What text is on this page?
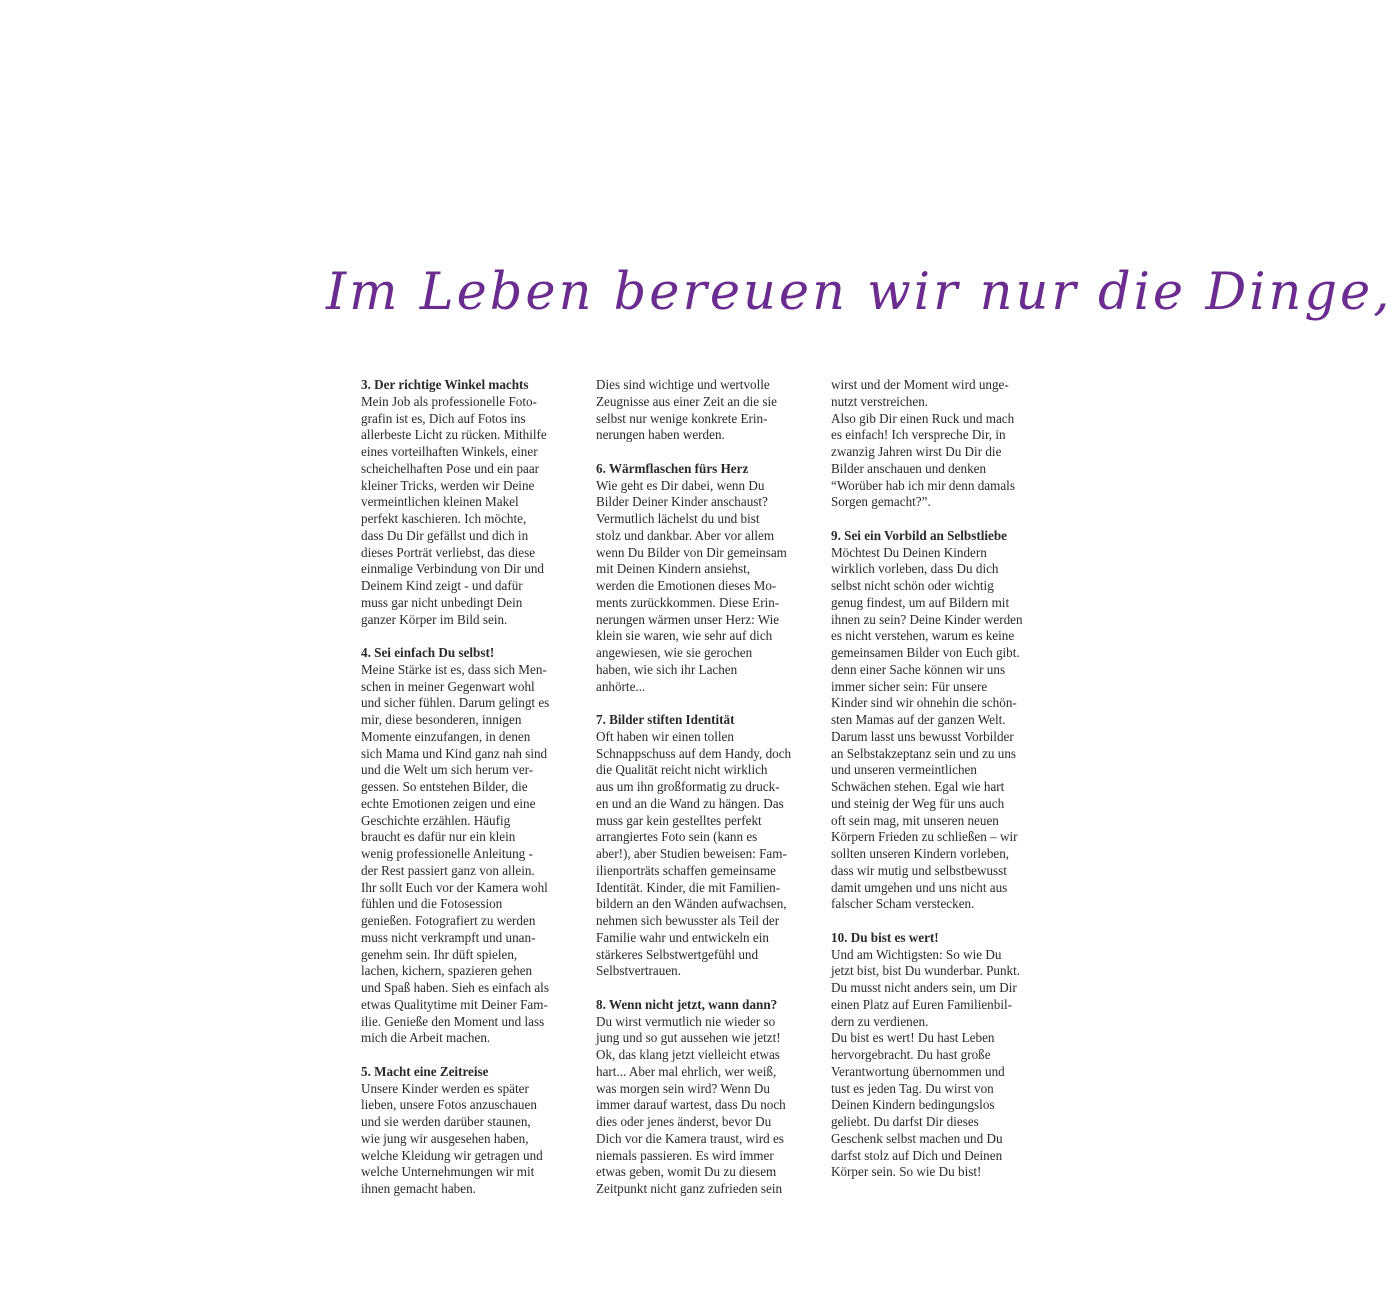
Im Leben bereuen wir nur die Dinge,
3. Der richtige Winkel machts

Mein Job als professionelle Foto-
grafin ist es, Dich auf Fotos ins
allerbeste Licht zu rücken. Mithilfe
eines vorteilhaften Winkels, einer
scheichelhaften Pose und ein paar
kleiner Tricks, werden wir Deine
vermeintlichen kleinen Makel
perfekt kaschieren. Ich möchte,
dass Du Dir gefällst und dich in
dieses Porträt verliebst, das diese
einmalige Verbindung von Dir und
Deinem Kind zeigt - und dafür
muss gar nicht unbedingt Dein
ganzer Körper im Bild sein.

4. Sei einfach Du selbst!

Meine Stärke ist es, dass sich Men-
schen in meiner Gegenwart wohl
und sicher fühlen. Darum gelingt es
mir, diese besonderen, innigen
Momente einzufangen, in denen
sich Mama und Kind ganz nah sind
und die Welt um sich herum ver-
gessen. So entstehen Bilder, die
echte Emotionen zeigen und eine
Geschichte erzählen. Häufig
braucht es dafür nur ein klein
wenig professionelle Anleitung -
der Rest passiert ganz von allein.
Ihr sollt Euch vor der Kamera wohl
fühlen und die Fotosession
genießen. Fotografiert zu werden
muss nicht verkrampft und unan-
genehm sein. Ihr düft spielen,
lachen, kichern, spazieren gehen
und Spaß haben. Sieh es einfach als
etwas Qualitytime mit Deiner Fam-
ilie. Genieße den Moment und lass
mich die Arbeit machen.

5. Macht eine Zeitreise

Unsere Kinder werden es später
lieben, unsere Fotos anzuschauen
und sie werden darüber staunen,
wie jung wir ausgesehen haben,
welche Kleidung wir getragen und
welche Unternehmungen wir mit
ihnen gemacht haben.

Dies sind wichtige und wertvolle
Zeugnisse aus einer Zeit an die sie
selbst nur wenige konkrete Erin-
nerungen haben werden.

6. Wärmflaschen fürs Herz

Wie geht es Dir dabei, wenn Du
Bilder Deiner Kinder anschaust?
Vermutlich lächelst du und bist
stolz und dankbar. Aber vor allem
wenn Du Bilder von Dir gemeinsam
mit Deinen Kindern ansiehst,
werden die Emotionen dieses Mo-
ments zurückkommen. Diese Erin-
nerungen wärmen unser Herz: Wie
klein sie waren, wie sehr auf dich
angewiesen, wie sie gerochen
haben, wie sich ihr Lachen
anhörte...

7. Bilder stiften Identität

Oft haben wir einen tollen
Schnappschuss auf dem Handy, doch
die Qualität reicht nicht wirklich
aus um ihn großformatig zu druck-
en und an die Wand zu hängen. Das
muss gar kein gestelltes perfekt
arrangiertes Foto sein (kann es
aber!), aber Studien beweisen: Fam-
ilienporträts schaffen gemeinsame
Identität. Kinder, die mit Familien-
bildern an den Wänden aufwachsen,
nehmen sich bewusster als Teil der
Familie wahr und entwickeln ein
stärkeres Selbstwertgefühl und
Selbstvertrauen.

8. Wenn nicht jetzt, wann dann?

Du wirst vermutlich nie wieder so
jung und so gut aussehen wie jetzt!
Ok, das klang jetzt vielleicht etwas
hart... Aber mal ehrlich, wer weiß,
was morgen sein wird? Wenn Du
immer darauf wartest, dass Du noch
dies oder jenes änderst, bevor Du
Dich vor die Kamera traust, wird es
niemals passieren. Es wird immer
etwas geben, womit Du zu diesem
Zeitpunkt nicht ganz zufrieden sein

wirst und der Moment wird unge-
nutzt verstreichen.
Also gib Dir einen Ruck und mach
es einfach! Ich verspreche Dir, in
zwanzig Jahren wirst Du Dir die
Bilder anschauen und denken
“Worüber hab ich mir denn damals
Sorgen gemacht?”.

9. Sei ein Vorbild an Selbstliebe

Möchtest Du Deinen Kindern
wirklich vorleben, dass Du dich
selbst nicht schön oder wichtig
genug findest, um auf Bildern mit
ihnen zu sein? Deine Kinder werden
es nicht verstehen, warum es keine
gemeinsamen Bilder von Euch gibt.
denn einer Sache können wir uns
immer sicher sein: Für unsere
Kinder sind wir ohnehin die schön-
sten Mamas auf der ganzen Welt.
Darum lasst uns bewusst Vorbilder
an Selbstakzeptanz sein und zu uns
und unseren vermeintlichen
Schwächen stehen. Egal wie hart
und steinig der Weg für uns auch
oft sein mag, mit unseren neuen
Körpern Frieden zu schließen – wir
sollten unseren Kindern vorleben,
dass wir mutig und selbstbewusst
damit umgehen und uns nicht aus
falscher Scham verstecken.

10. Du bist es wert!

Und am Wichtigsten: So wie Du
jetzt bist, bist Du wunderbar. Punkt.
Du musst nicht anders sein, um Dir
einen Platz auf Euren Familienbil-
dern zu verdienen.
Du bist es wert! Du hast Leben
hervorgebracht. Du hast große
Verantwortung übernommen und
tust es jeden Tag. Du wirst von
Deinen Kindern bedingungslos
geliebt. Du darfst Dir dieses
Geschenk selbst machen und Du
darfst stolz auf Dich und Deinen
Körper sein. So wie Du bist!
